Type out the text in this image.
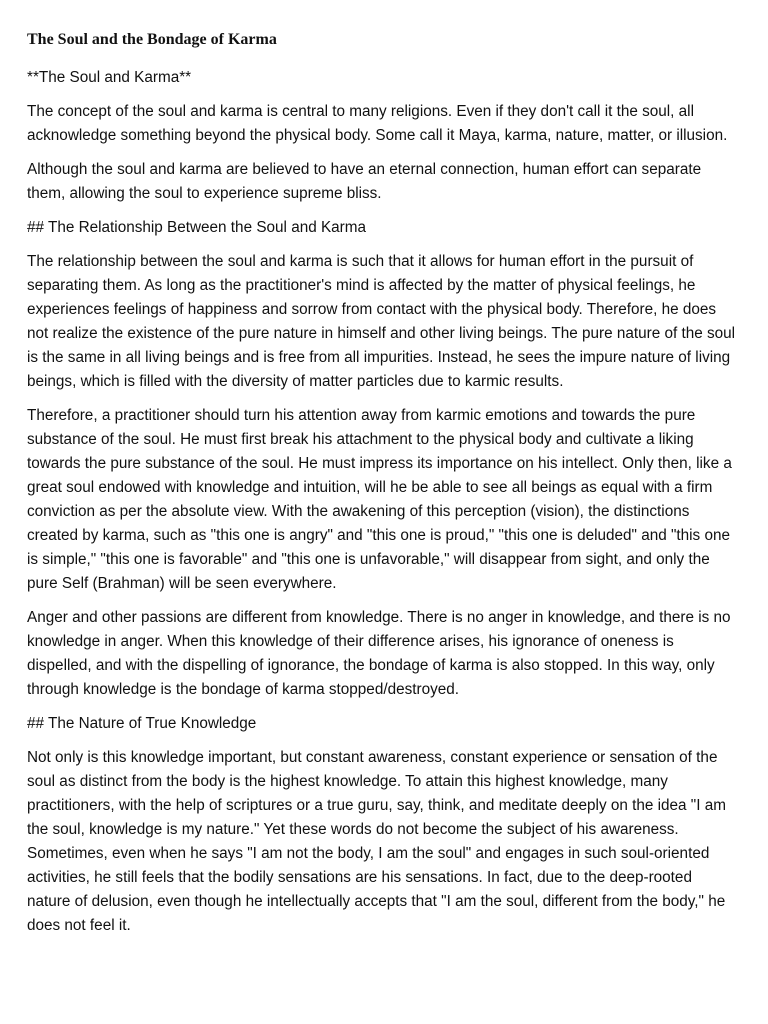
The Soul and the Bondage of Karma
**The Soul and Karma**
The concept of the soul and karma is central to many religions. Even if they don't call it the soul, all acknowledge something beyond the physical body. Some call it Maya, karma, nature, matter, or illusion.
Although the soul and karma are believed to have an eternal connection, human effort can separate them, allowing the soul to experience supreme bliss.
## The Relationship Between the Soul and Karma
The relationship between the soul and karma is such that it allows for human effort in the pursuit of separating them. As long as the practitioner's mind is affected by the matter of physical feelings, he experiences feelings of happiness and sorrow from contact with the physical body. Therefore, he does not realize the existence of the pure nature in himself and other living beings. The pure nature of the soul is the same in all living beings and is free from all impurities. Instead, he sees the impure nature of living beings, which is filled with the diversity of matter particles due to karmic results.
Therefore, a practitioner should turn his attention away from karmic emotions and towards the pure substance of the soul. He must first break his attachment to the physical body and cultivate a liking towards the pure substance of the soul. He must impress its importance on his intellect. Only then, like a great soul endowed with knowledge and intuition, will he be able to see all beings as equal with a firm conviction as per the absolute view. With the awakening of this perception (vision), the distinctions created by karma, such as "this one is angry" and "this one is proud," "this one is deluded" and "this one is simple," "this one is favorable" and "this one is unfavorable," will disappear from sight, and only the pure Self (Brahman) will be seen everywhere.
Anger and other passions are different from knowledge. There is no anger in knowledge, and there is no knowledge in anger. When this knowledge of their difference arises, his ignorance of oneness is dispelled, and with the dispelling of ignorance, the bondage of karma is also stopped. In this way, only through knowledge is the bondage of karma stopped/destroyed.
## The Nature of True Knowledge
Not only is this knowledge important, but constant awareness, constant experience or sensation of the soul as distinct from the body is the highest knowledge. To attain this highest knowledge, many practitioners, with the help of scriptures or a true guru, say, think, and meditate deeply on the idea "I am the soul, knowledge is my nature." Yet these words do not become the subject of his awareness. Sometimes, even when he says "I am not the body, I am the soul" and engages in such soul-oriented activities, he still feels that the bodily sensations are his sensations. In fact, due to the deep-rooted nature of delusion, even though he intellectually accepts that "I am the soul, different from the body," he does not feel it.
